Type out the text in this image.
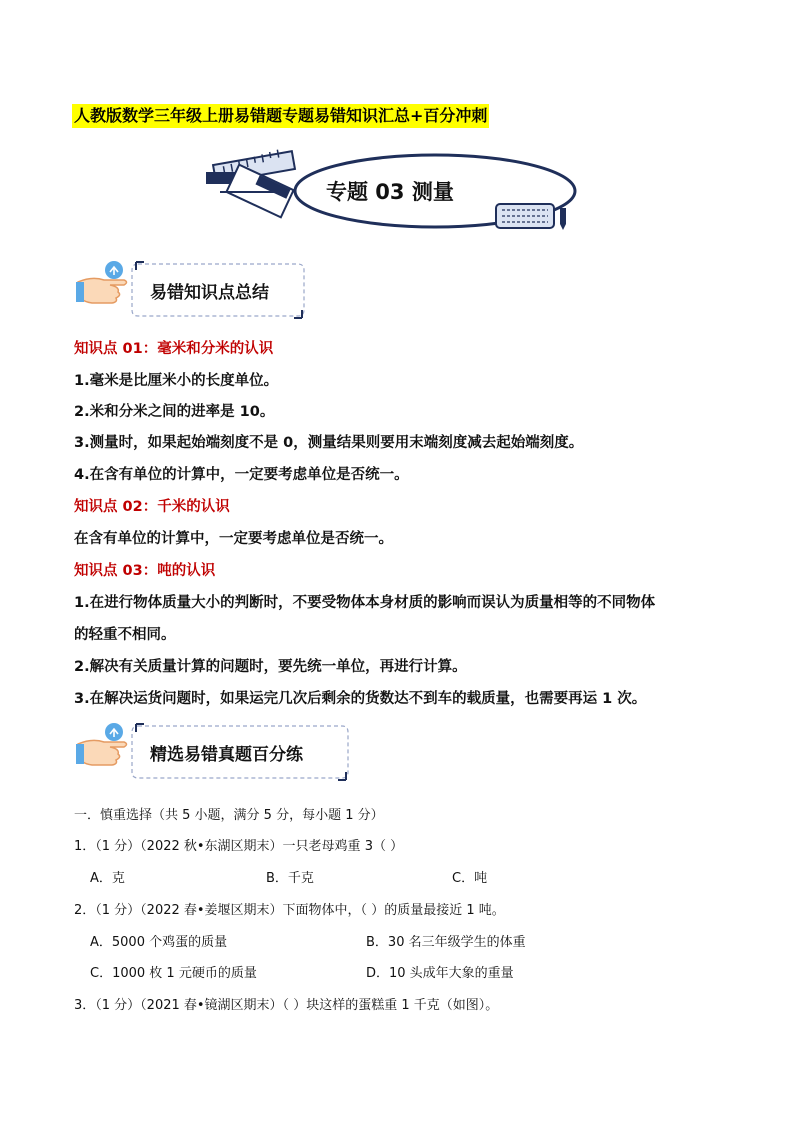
人教版数学三年级上册易错题专题易错知识汇总+百分冲刺
专题 03 测量
易错知识点总结
知识点 01：毫米和分米的认识
1.毫米是比厘米小的长度单位。
2.米和分米之间的进率是 10。
3.测量时，如果起始端刻度不是 0，测量结果则要用末端刻度减去起始端刻度。
4.在含有单位的计算中，一定要考虑单位是否统一。
知识点 02：千米的认识
在含有单位的计算中，一定要考虑单位是否统一。
知识点 03：吨的认识
1.在进行物体质量大小的判断时，不要受物体本身材质的影响而误认为质量相等的不同物体
的轻重不相同。
2.解决有关质量计算的问题时，要先统一单位，再进行计算。
3.在解决运货问题时，如果运完几次后剩余的货数达不到车的载质量，也需要再运 1 次。
精选易错真题百分练
一．慎重选择（共 5 小题，满分 5 分，每小题 1 分）
1．（1 分）（2022 秋•东湖区期末）一只老母鸡重 3（ ）
A．克	B．千克	C．吨
2．（1 分）（2022 春•姜堰区期末）下面物体中，（ ）的质量最接近 1 吨。
A．5000 个鸡蛋的质量	B．30 名三年级学生的体重
C．1000 枚 1 元硬币的质量	D．10 头成年大象的重量
3．（1 分）（2021 春•镜湖区期末）（ ）块这样的蛋糕重 1 千克（如图）。
